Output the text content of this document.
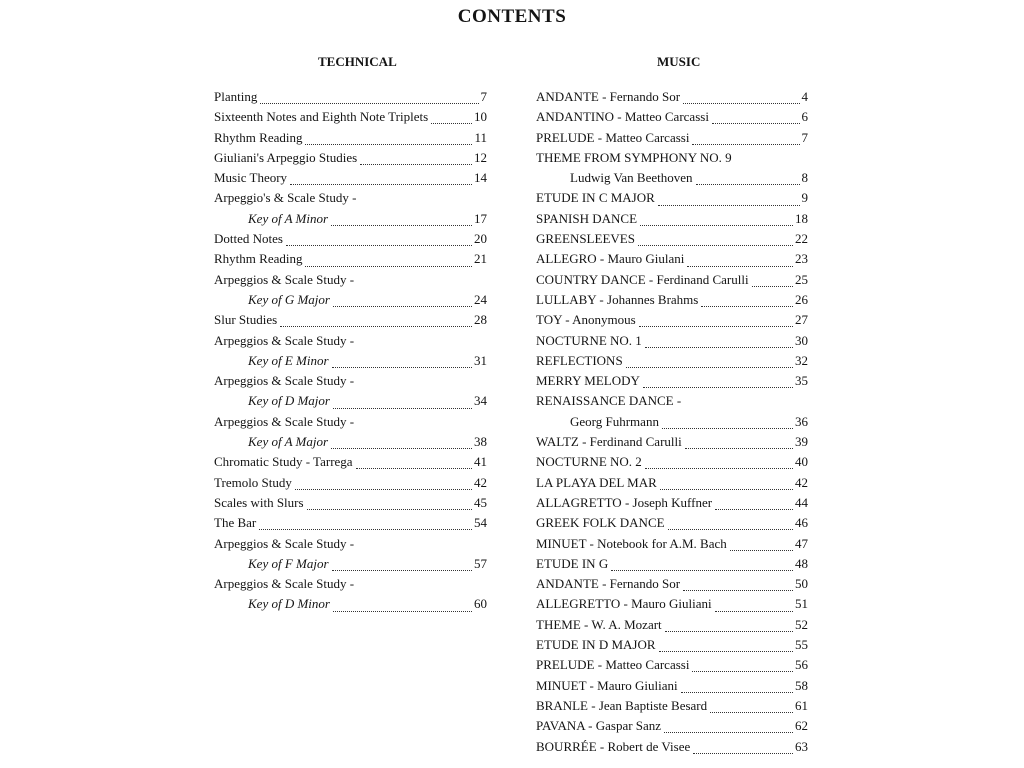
CONTENTS
TECHNICAL	MUSIC
Planting	7
Sixteenth Notes and Eighth Note Triplets	10
Rhythm Reading	11
Giuliani's Arpeggio Studies	12
Music Theory	14
Arpeggio's & Scale Study -
Key of A Minor	17
Dotted Notes	20
Rhythm Reading	21
Arpeggios & Scale Study -
Key of G Major	24
Slur Studies	28
Arpeggios & Scale Study -
Key of E Minor	31
Arpeggios & Scale Study -
Key of D Major	34
Arpeggios & Scale Study -
Key of A Major	38
Chromatic Study - Tarrega	41
Tremolo Study	42
Scales with Slurs	45
The Bar	54
Arpeggios & Scale Study -
Key of F Major	57
Arpeggios & Scale Study -
Key of D Minor	60
ANDANTE - Fernando Sor	4
ANDANTINO - Matteo Carcassi	6
PRELUDE - Matteo Carcassi	7
THEME FROM SYMPHONY NO. 9
Ludwig Van Beethoven	8
ETUDE IN C MAJOR	9
SPANISH DANCE	18
GREENSLEEVES	22
ALLEGRO - Mauro Giulani	23
COUNTRY DANCE - Ferdinand Carulli	25
LULLABY - Johannes Brahms	26
TOY - Anonymous	27
NOCTURNE NO. 1	30
REFLECTIONS	32
MERRY MELODY	35
RENAISSANCE DANCE -
Georg Fuhrmann	36
WALTZ - Ferdinand Carulli	39
NOCTURNE NO. 2	40
LA PLAYA DEL MAR	42
ALLAGRETTO - Joseph Kuffner	44
GREEK FOLK DANCE	46
MINUET - Notebook for A.M. Bach	47
ETUDE IN G	48
ANDANTE - Fernando Sor	50
ALLEGRETTO - Mauro Giuliani	51
THEME - W. A. Mozart	52
ETUDE IN D MAJOR	55
PRELUDE - Matteo Carcassi	56
MINUET - Mauro Giuliani	58
BRANLE - Jean Baptiste Besard	61
PAVANA - Gaspar Sanz	62
BOURRÉE - Robert de Visee	63
